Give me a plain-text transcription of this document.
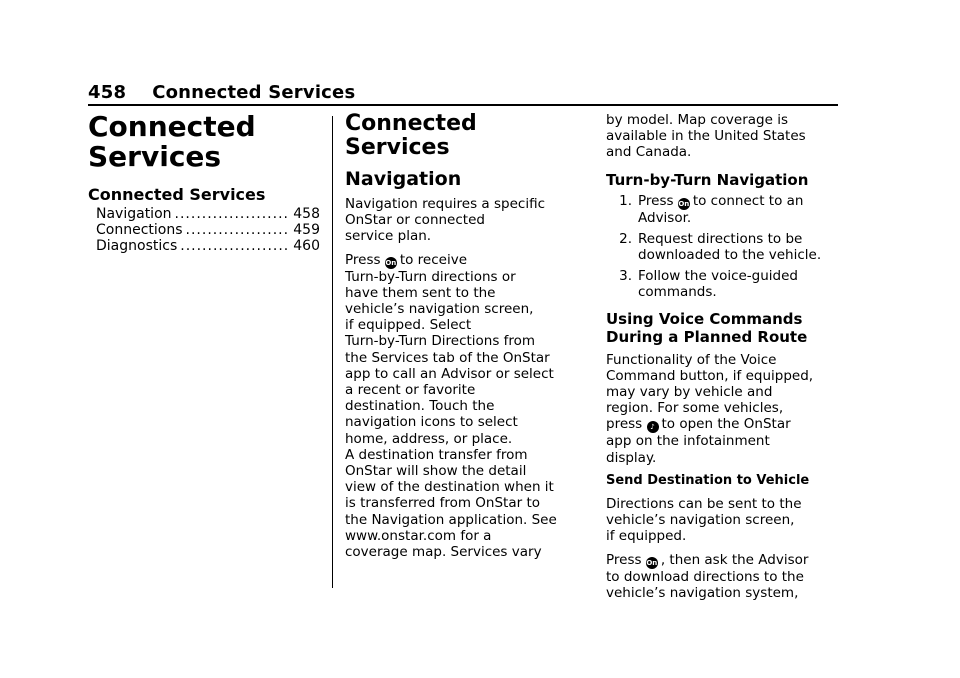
458 Connected Services
Connected
Services
Connected Services
Navigation .....	458
Connections .....	459
Diagnostics .....	460
Connected
Services
Navigation

Navigation requires a specific
OnStar or connected
service plan.

Press On to receive
Turn-by-Turn directions or
have them sent to the
vehicle’s navigation screen,
if equipped. Select
Turn-by-Turn Directions from
the Services tab of the OnStar
app to call an Advisor or select
a recent or favorite
destination. Touch the
navigation icons to select
home, address, or place.
A destination transfer from
OnStar will show the detail
view of the destination when it
is transferred from OnStar to
the Navigation application. See
www.onstar.com for a
coverage map. Services vary

by model. Map coverage is
available in the United States
and Canada.

Turn-by-Turn Navigation
1. Press On to connect to an
Advisor.
2. Request directions to be
downloaded to the vehicle.
3. Follow the voice-guided
commands.
Using Voice Commands
During a Planned Route

Functionality of the Voice
Command button, if equipped,
may vary by vehicle and
region. For some vehicles,
press ♪ to open the OnStar
app on the infotainment
display.

Send Destination to Vehicle

Directions can be sent to the
vehicle’s navigation screen,
if equipped.

Press On , then ask the Advisor
to download directions to the
vehicle’s navigation system,
